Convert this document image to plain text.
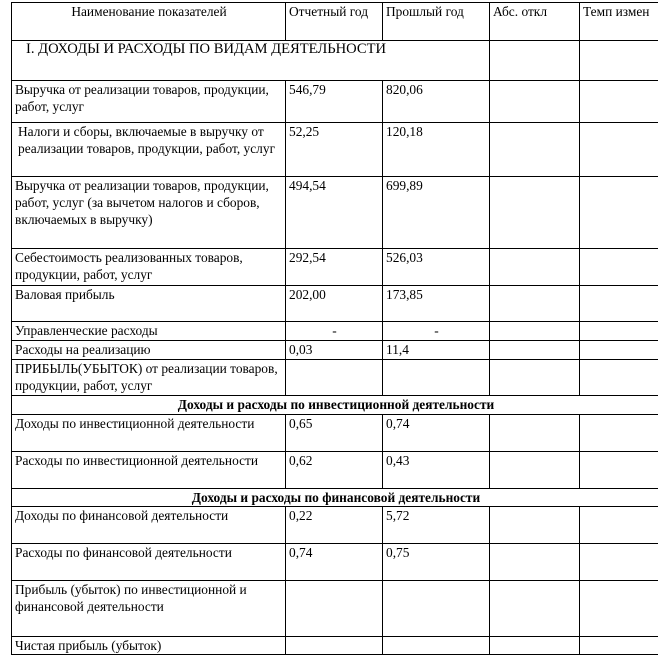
Наименование показателей	Отчетный год	Прошлый год	Абс. откл	Темп измен
I. ДОХОДЫ И РАСХОДЫ ПО ВИДАМ ДЕЯТЕЛЬНОСТИ				
Выручка от реализации товаров, продукции, работ, услуг	546,79	820,06		
Налоги и сборы, включаемые в выручку от реализации товаров, продукции, работ, услуг	52,25	120,18		
Выручка от реализации товаров, продукции, работ, услуг (за вычетом налогов и сборов, включаемых в выручку)	494,54	699,89		
Себестоимость реализованных товаров, продукции, работ, услуг	292,54	526,03		
Валовая прибыль	202,00	173,85		
Управленческие расходы	-	-		
Расходы на реализацию	0,03	11,4		
ПРИБЫЛЬ(УБЫТОК) от реализации товаров, продукции, работ, услуг				
Доходы и расходы по инвестиционной деятельности				
Доходы по инвестиционной деятельности	0,65	0,74		
Расходы по инвестиционной деятельности	0,62	0,43		
Доходы и расходы по финансовой деятельности				
Доходы по финансовой деятельности	0,22	5,72		
Расходы по финансовой деятельности	0,74	0,75		
Прибыль (убыток) по инвестиционной и финансовой деятельности				
Чистая прибыль (убыток)				
